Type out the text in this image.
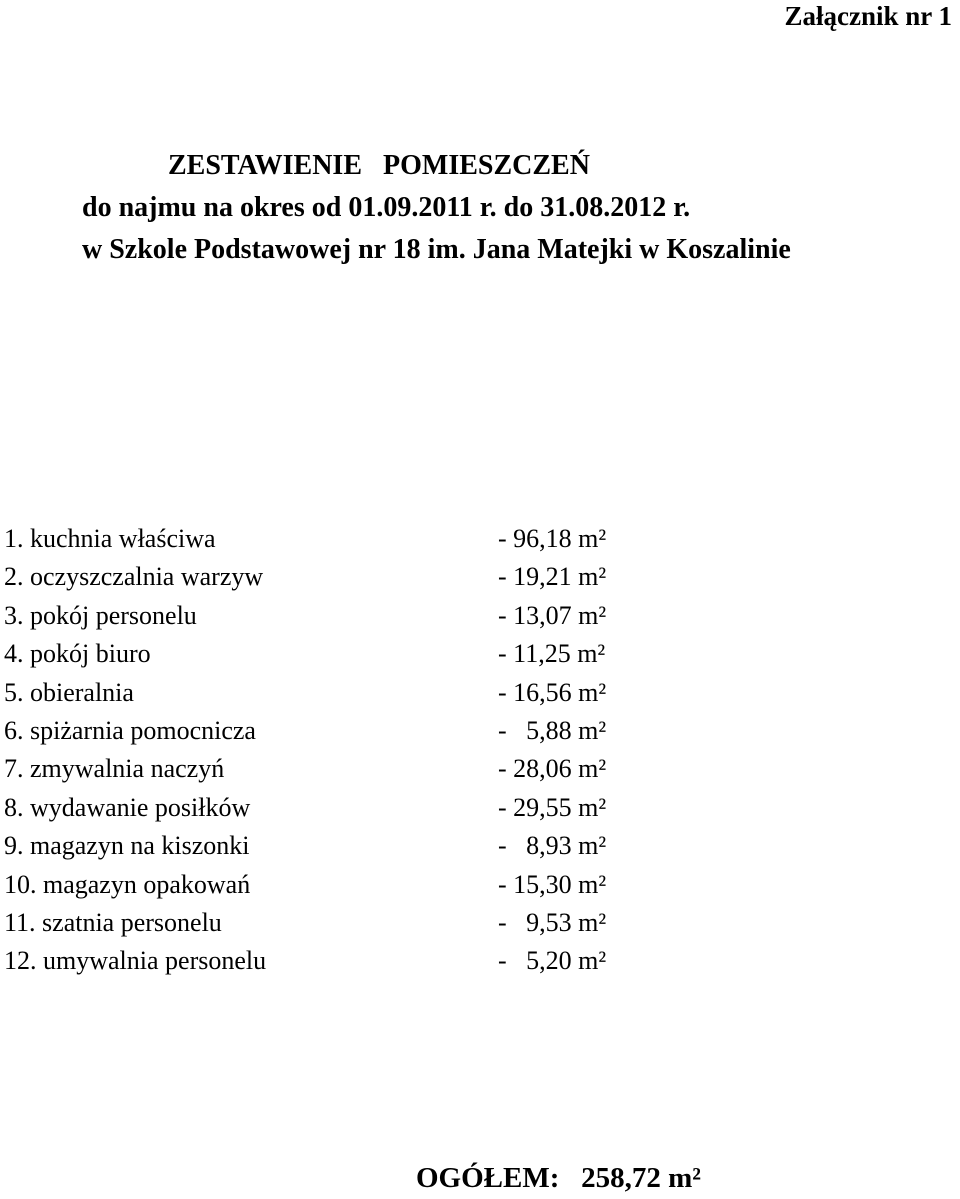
Załącznik nr 1
ZESTAWIENIE   POMIESZCZEŃ
do najmu na okres od 01.09.2011 r. do 31.08.2012 r.
w Szkole Podstawowej nr 18 im. Jana Matejki w Koszalinie
1. kuchnia właściwa	- 96,18 m²
2. oczyszczalnia warzyw	- 19,21 m²
3. pokój personelu	- 13,07 m²
4. pokój biuro	- 11,25 m²
5. obieralnia	- 16,56 m²
6. spiżarnia pomocnicza	-   5,88 m²
7. zmywalnia naczyń	- 28,06 m²
8. wydawanie posiłków	- 29,55 m²
9. magazyn na kiszonki	-   8,93 m²
10. magazyn opakowań	- 15,30 m²
11. szatnia personelu	-   9,53 m²
12. umywalnia personelu	-   5,20 m²
OGÓŁEM: 258,72 m²
